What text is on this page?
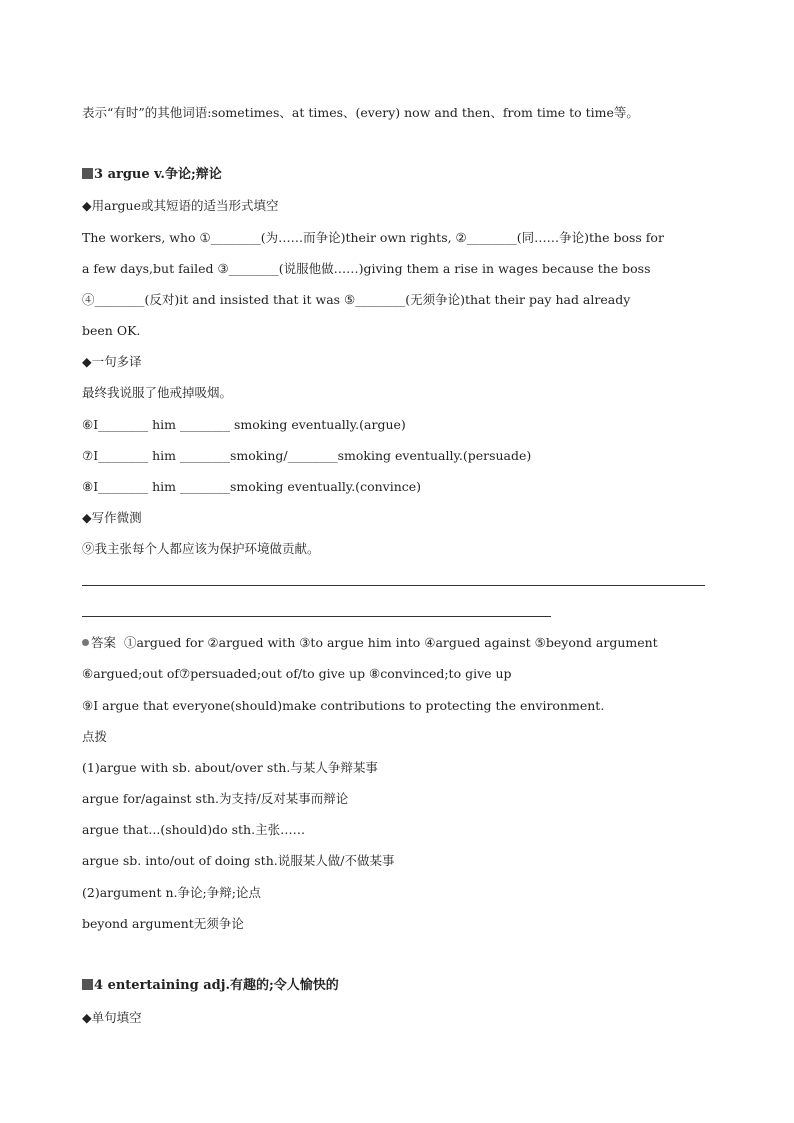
表示“有时”的其他词语:sometimes、at times、(every) now and then、from time to time等。
3 argue v.争论;辩论
◆用argue或其短语的适当形式填空
The workers, who ①________(为……而争论)their own rights, ②________(同……争论)the boss for
a few days,but failed ③________(说服他做……)giving them a rise in wages because the boss
④________(反对)it and insisted that it was ⑤________(无须争论)that their pay had already
been OK.
◆一句多译
最终我说服了他戒掉吸烟。
⑥I________ him ________ smoking eventually.(argue)
⑦I________ him ________smoking/________smoking eventually.(persuade)
⑧I________ him ________smoking eventually.(convince)
◆写作微测
⑨我主张每个人都应该为保护环境做贡献。
答案 ①argued for ②argued with ③to argue him into ④argued against ⑤beyond argument
⑥argued;out of⑦persuaded;out of/to give up ⑧convinced;to give up
⑨I argue that everyone(should)make contributions to protecting the environment.
点拨
(1)argue with sb. about/over sth.与某人争辩某事
argue for/against sth.为支持/反对某事而辩论
argue that...(should)do sth.主张……
argue sb. into/out of doing sth.说服某人做/不做某事
(2)argument n.争论;争辩;论点
beyond argument无须争论
4 entertaining adj.有趣的;令人愉快的
◆单句填空
